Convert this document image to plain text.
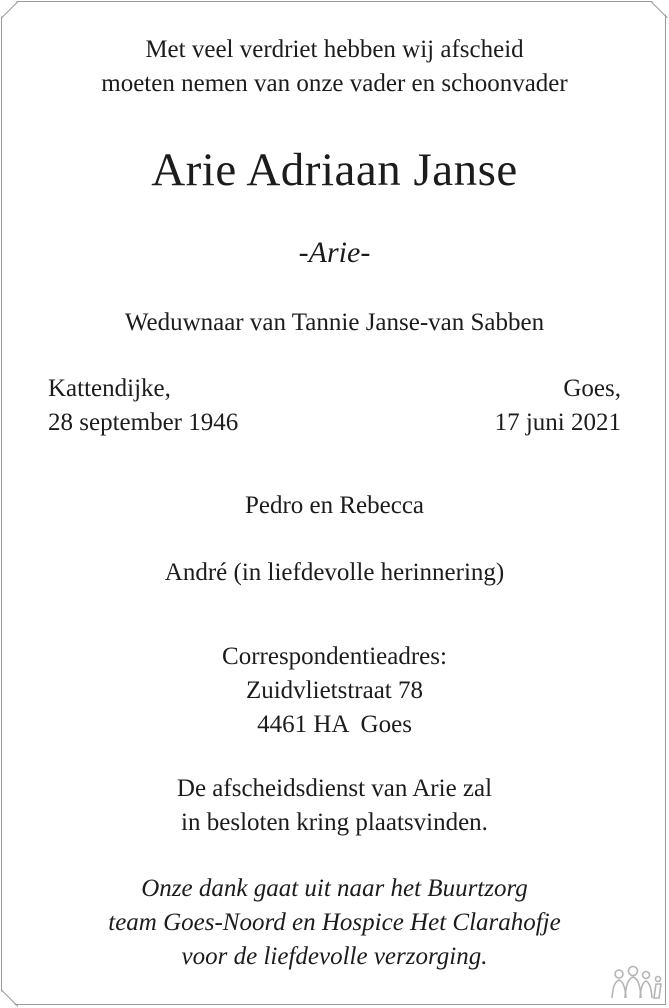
Met veel verdriet hebben wij afscheid
moeten nemen van onze vader en schoonvader
Arie Adriaan Janse
-Arie-
Weduwnaar van Tannie Janse-van Sabben
Kattendijke,
28 september 1946
Goes,
17 juni 2021
Pedro en Rebecca
André (in liefdevolle herinnering)
Correspondentieadres:
Zuidvlietstraat 78
4461 HA  Goes
De afscheidsdienst van Arie zal
in besloten kring plaatsvinden.
Onze dank gaat uit naar het Buurtzorg
team Goes-Noord en Hospice Het Clarahofje
voor de liefdevolle verzorging.
